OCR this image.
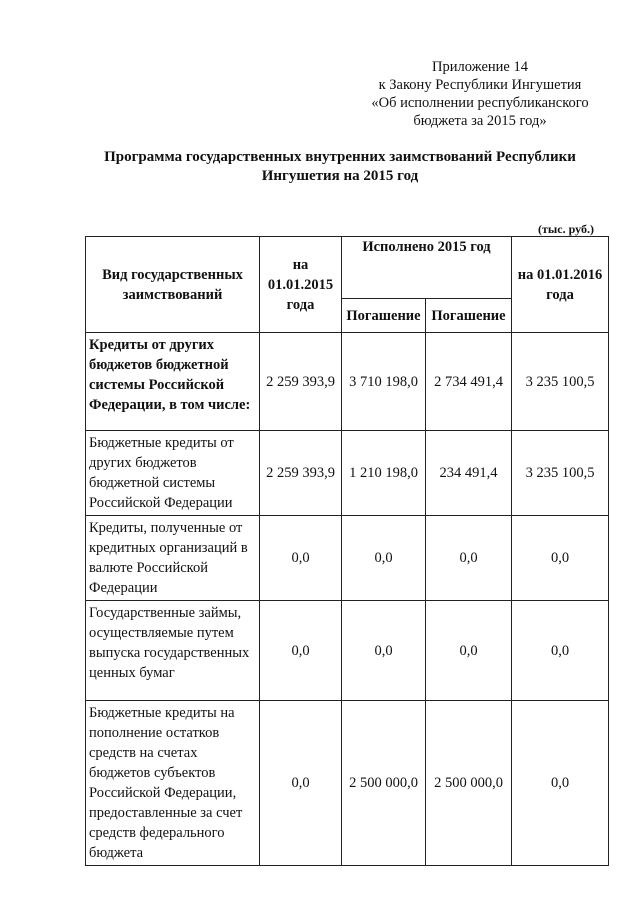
Приложение 14
к Закону Республики Ингушетия
«Об исполнении республиканского
бюджета за 2015 год»
Программа государственных внутренних заимствований Республики
Ингушетия на 2015 год
(тыс. руб.)
Вид государственных заимствований	на 01.01.2015 года	Исполнено 2015 год		на 01.01.2016 года
		Погашение	Погашение	
Кредиты от других бюджетов бюджетной системы Российской Федерации, в том числе:	2 259 393,9	3 710 198,0	2 734 491,4	3 235 100,5
Бюджетные кредиты от других бюджетов бюджетной системы Российской Федерации	2 259 393,9	1 210 198,0	234 491,4	3 235 100,5
Кредиты, полученные от кредитных организаций в валюте Российской Федерации	0,0	0,0	0,0	0,0
Государственные займы, осуществляемые путем выпуска государственных ценных бумаг	0,0	0,0	0,0	0,0
Бюджетные кредиты на пополнение остатков средств на счетах бюджетов субъектов Российской Федерации, предоставленные за счет средств федерального бюджета	0,0	2 500 000,0	2 500 000,0	0,0
